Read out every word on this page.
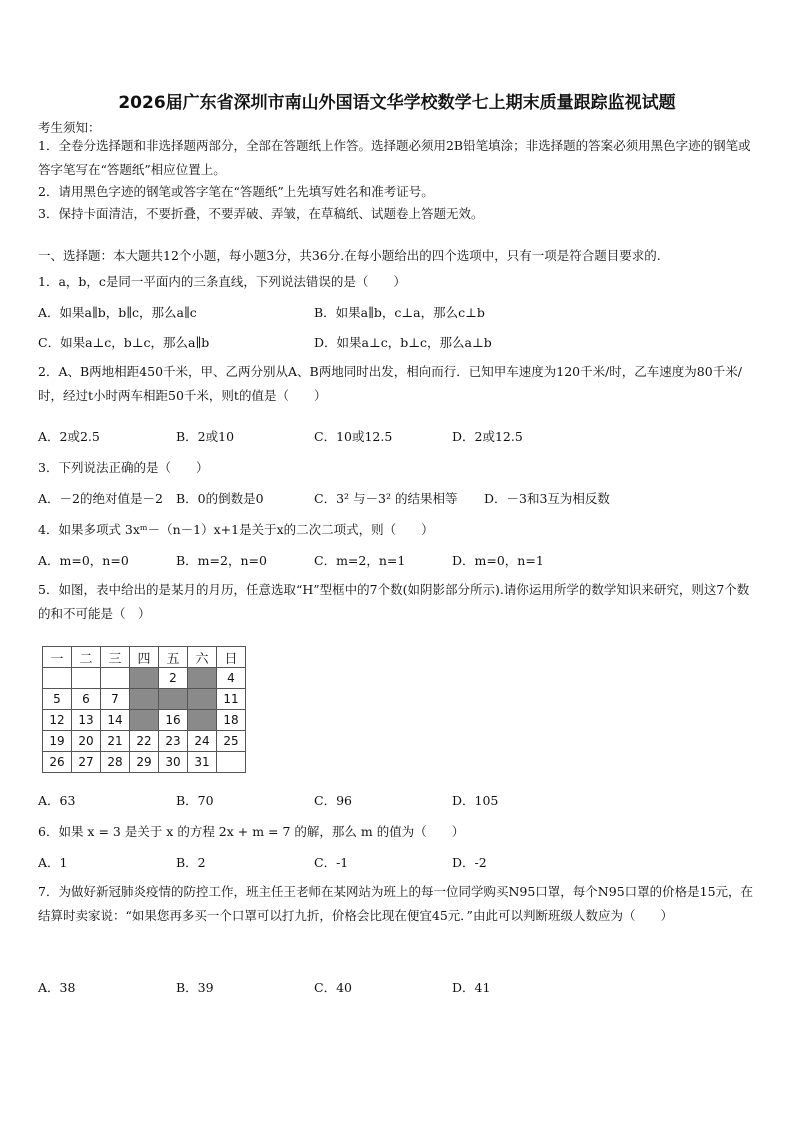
2026届广东省深圳市南山外国语文华学校数学七上期末质量跟踪监视试题
考生须知：
1．全卷分选择题和非选择题两部分，全部在答题纸上作答。选择题必须用2B铅笔填涂；非选择题的答案必须用黑色字迹的钢笔或答字笔写在“答题纸”相应位置上。
2．请用黑色字迹的钢笔或答字笔在“答题纸”上先填写姓名和准考证号。
3．保持卡面清洁，不要折叠，不要弄破、弄皱，在草稿纸、试题卷上答题无效。
一、选择题：本大题共12个小题，每小题3分，共36分.在每小题给出的四个选项中，只有一项是符合题目要求的.
1．a，b，c是同一平面内的三条直线，下列说法错误的是（　　）
A．如果a∥b，b∥c，那么a∥c	B．如果a∥b，c⊥a，那么c⊥b
C．如果a⊥c，b⊥c，那么a∥b	D．如果a⊥c，b⊥c，那么a⊥b
2．A、B两地相距450千米，甲、乙两分别从A、B两地同时出发，相向而行．已知甲车速度为120千米/时，乙车速度为80千米/时，经过t小时两车相距50千米，则t的值是（　　）
A．2或2.5	B．2或10	C．10或12.5	D．2或12.5
3．下列说法正确的是（　　）
A．－2的绝对值是－2 B．0的倒数是0	C．3² 与－3² 的结果相等 D．－3和3互为相反数
4．如果多项式 3xᵐ－（n－1）x+1是关于x的二次二项式，则（　　）
A．m=0，n=0	B．m=2，n=0	C．m=2，n=1	D．m=0，n=1
5．如图，表中给出的是某月的月历，任意选取“H”型框中的7个数(如阴影部分所示).请你运用所学的数学知识来研究，则这7个数的和不可能是（　）
一	二	三	四	五	六	日
				2		4
5	6	7				11
12	13	14		16		18
19	20	21	22	23	24	25
26	27	28	29	30	31	
A．63	B．70	C．96	D．105
6．如果 x = 3 是关于 x 的方程 2x + m = 7 的解，那么 m 的值为（　　）
A．1	B．2	C．-1	D．-2
7．为做好新冠肺炎疫情的防控工作，班主任王老师在某网站为班上的每一位同学购买N95口罩，每个N95口罩的价格是15元，在结算时卖家说：“如果您再多买一个口罩可以打九折，价格会比现在便宜45元．”由此可以判断班级人数应为（　　）
A．38	B．39	C．40	D．41
